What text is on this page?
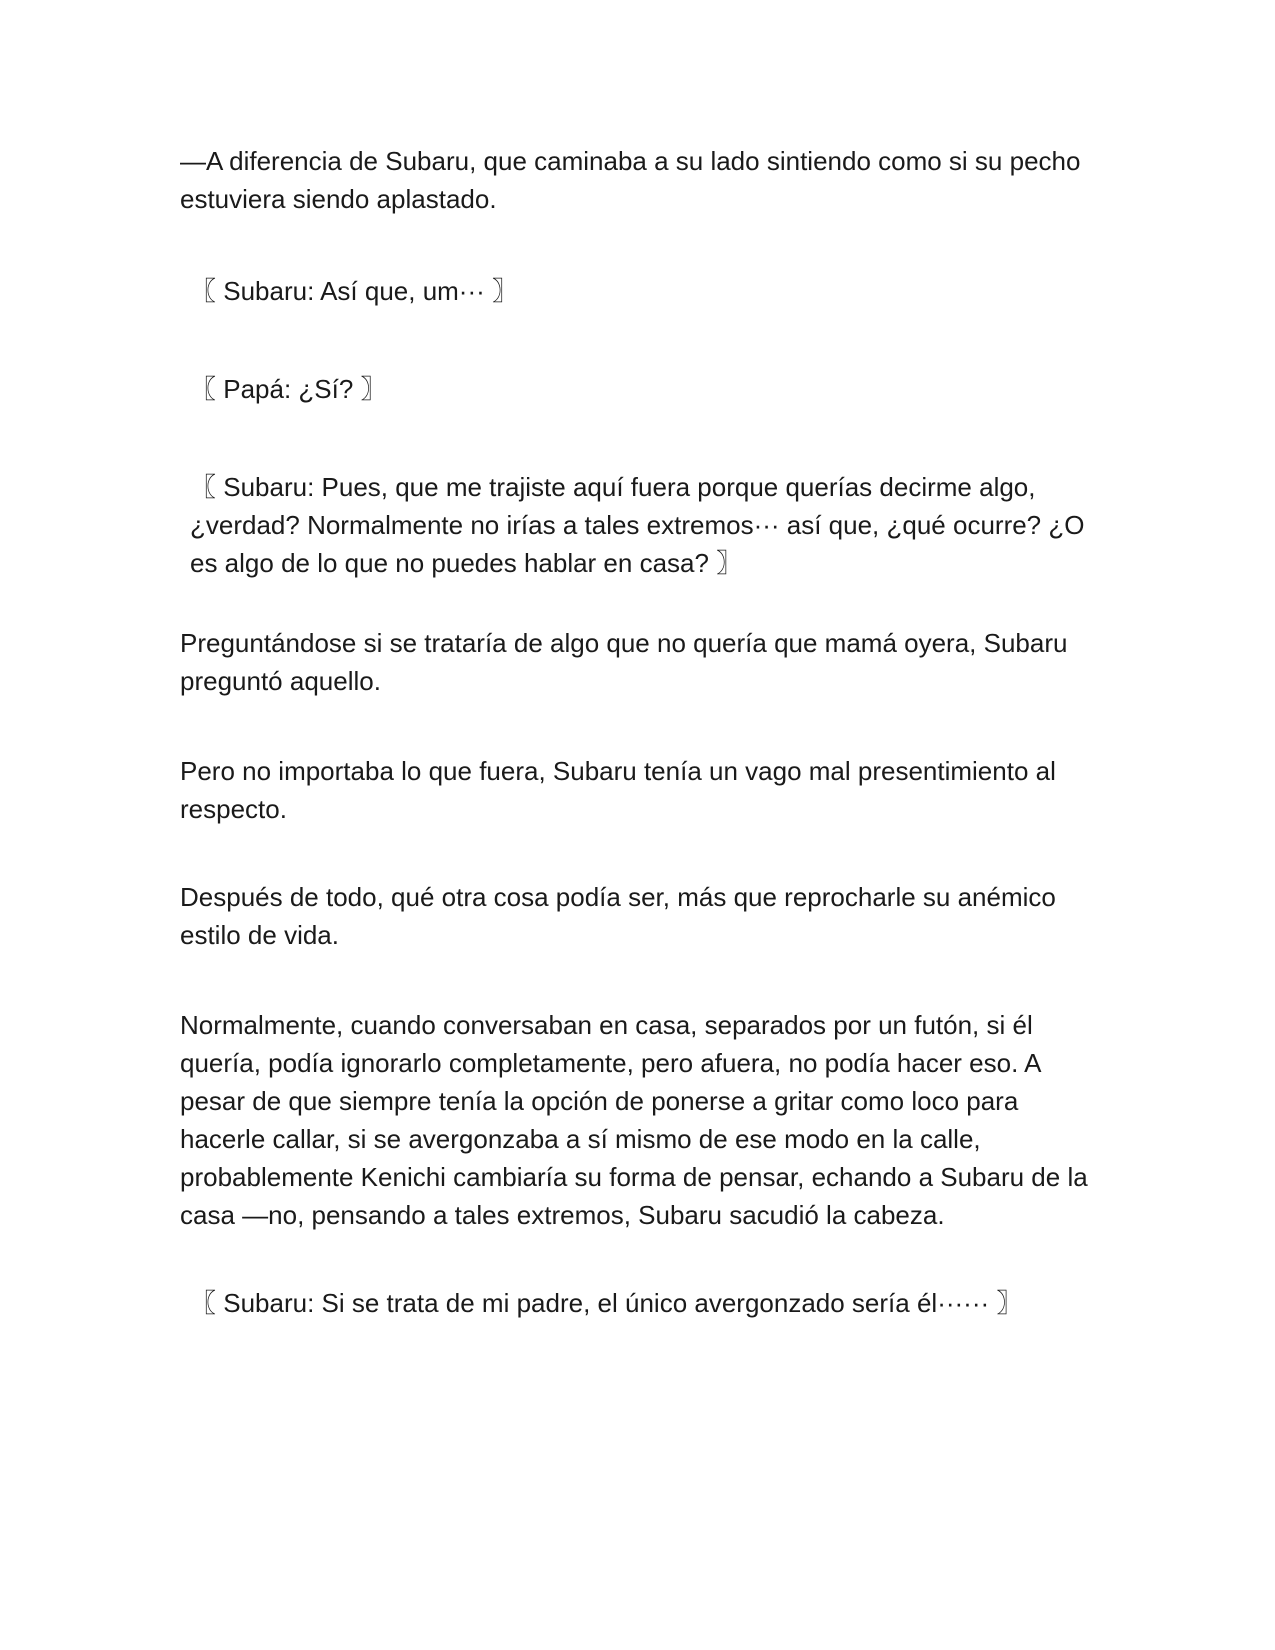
—A diferencia de Subaru, que caminaba a su lado sintiendo como si su pecho estuviera siendo aplastado.

〖 Subaru: Así que, um··· 〗

〖 Papá: ¿Sí? 〗

〖 Subaru: Pues, que me trajiste aquí fuera porque querías decirme algo, ¿verdad? Normalmente no irías a tales extremos··· así que, ¿qué ocurre? ¿O es algo de lo que no puedes hablar en casa? 〗

Preguntándose si se trataría de algo que no quería que mamá oyera, Subaru preguntó aquello.

Pero no importaba lo que fuera, Subaru tenía un vago mal presentimiento al respecto.

Después de todo, qué otra cosa podía ser, más que reprocharle su anémico estilo de vida.

Normalmente, cuando conversaban en casa, separados por un futón, si él quería, podía ignorarlo completamente, pero afuera, no podía hacer eso. A pesar de que siempre tenía la opción de ponerse a gritar como loco para hacerle callar, si se avergonzaba a sí mismo de ese modo en la calle, probablemente Kenichi cambiaría su forma de pensar, echando a Subaru de la casa —no, pensando a tales extremos, Subaru sacudió la cabeza.

〖 Subaru: Si se trata de mi padre, el único avergonzado sería él······ 〗
